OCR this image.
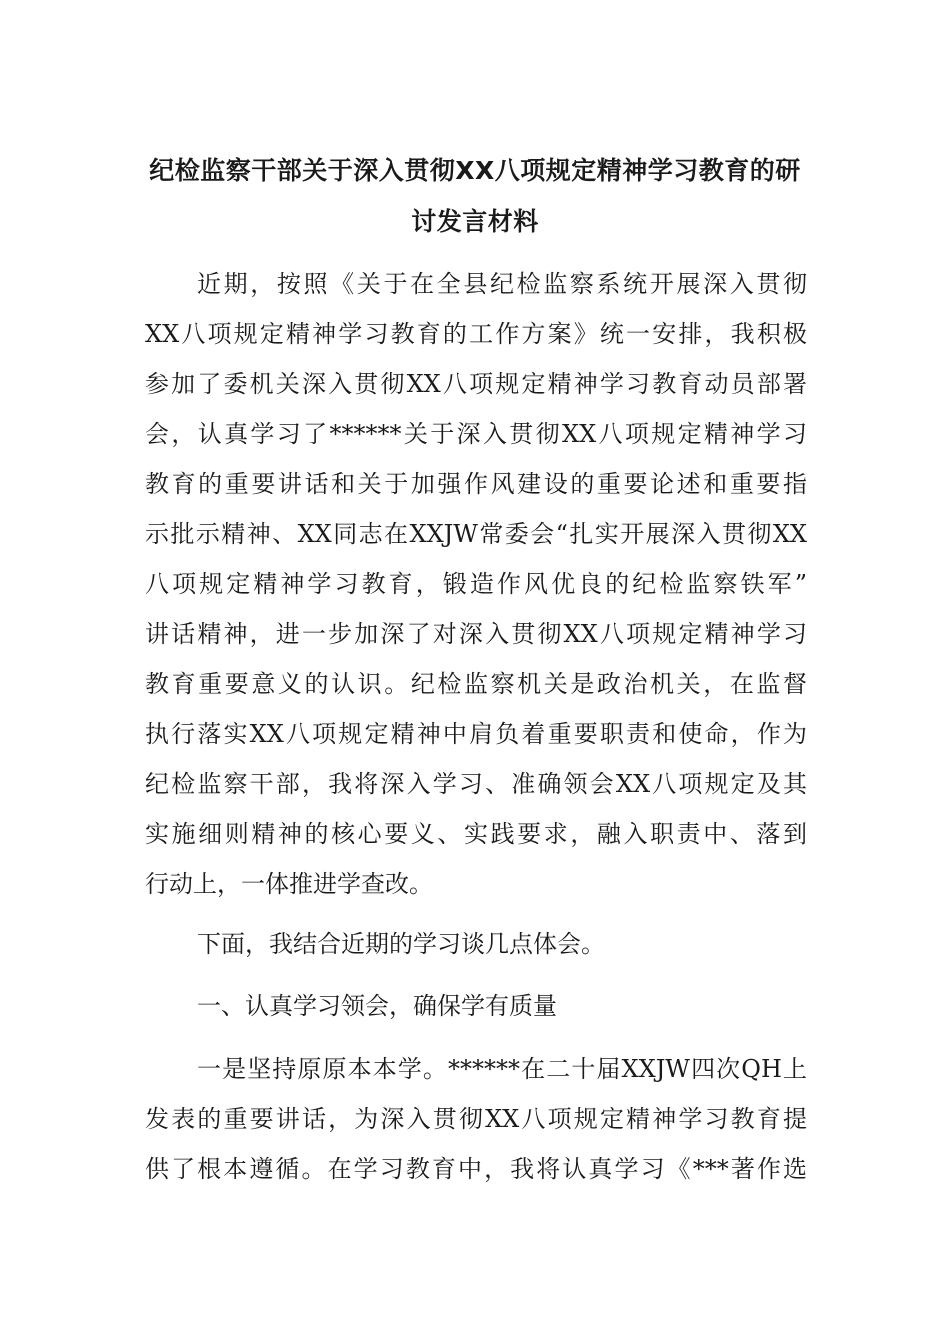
纪检监察干部关于深入贯彻XX八项规定精神学习教育的研
讨发言材料
近期，按照《关于在全县纪检监察系统开展深入贯彻
XX八项规定精神学习教育的工作方案》统一安排，我积极
参加了委机关深入贯彻XX八项规定精神学习教育动员部署
会，认真学习了******关于深入贯彻XX八项规定精神学习
教育的重要讲话和关于加强作风建设的重要论述和重要指
示批示精神、XX同志在XXJW常委会“扎实开展深入贯彻XX
八项规定精神学习教育，锻造作风优良的纪检监察铁军”
讲话精神，进一步加深了对深入贯彻XX八项规定精神学习
教育重要意义的认识。纪检监察机关是政治机关，在监督
执行落实XX八项规定精神中肩负着重要职责和使命，作为
纪检监察干部，我将深入学习、准确领会XX八项规定及其
实施细则精神的核心要义、实践要求，融入职责中、落到
行动上，一体推进学查改。
下面，我结合近期的学习谈几点体会。
一、认真学习领会，确保学有质量
一是坚持原原本本学。******在二十届XXJW四次QH上
发表的重要讲话，为深入贯彻XX八项规定精神学习教育提
供了根本遵循。在学习教育中，我将认真学习《***著作选
